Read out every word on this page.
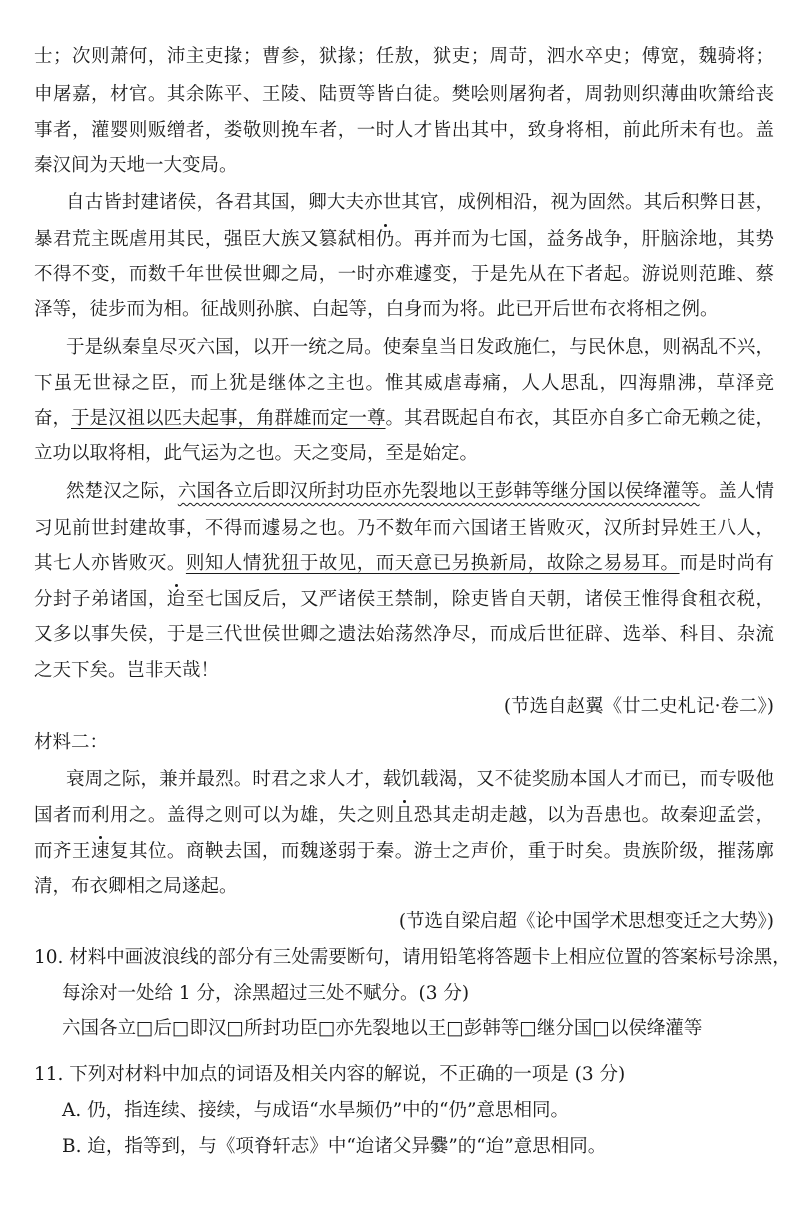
士；次则萧何，沛主吏掾；曹参，狱掾；任敖，狱吏；周苛，泗水卒史；傅宽，魏骑将；
申屠嘉，材官。其余陈平、王陵、陆贾等皆白徒。樊哙则屠狗者，周勃则织薄曲吹箫给丧
事者，灌婴则贩缯者，娄敬则挽车者，一时人才皆出其中，致身将相，前此所未有也。盖
秦汉间为天地一大变局。
自古皆封建诸侯，各君其国，卿大夫亦世其官，成例相沿，视为固然。其后积弊日甚，
暴君荒主既虐用其民，强臣大族又篡弑相仍。再并而为七国，益务战争，肝脑涂地，其势
不得不变，而数千年世侯世卿之局，一时亦难遽变，于是先从在下者起。游说则范雎、蔡
泽等，徒步而为相。征战则孙膑、白起等，白身而为将。此已开后世布衣将相之例。
于是纵秦皇尽灭六国，以开一统之局。使秦皇当日发政施仁，与民休息，则祸乱不兴，
下虽无世禄之臣，而上犹是继体之主也。惟其威虐毒痛，人人思乱，四海鼎沸，草泽竞
奋，于是汉祖以匹夫起事，角群雄而定一尊。其君既起自布衣，其臣亦自多亡命无赖之徒，
立功以取将相，此气运为之也。天之变局，至是始定。
然楚汉之际，六国各立后即汉所封功臣亦先裂地以王彭韩等继分国以侯绛灌等。盖人情
习见前世封建故事，不得而遽易之也。乃不数年而六国诸王皆败灭，汉所封异姓王八人，
其七人亦皆败灭。则知人情犹狃于故见，而天意已另换新局，故除之易易耳。而是时尚有
分封子弟诸国，迨至七国反后，又严诸侯王禁制，除吏皆自天朝，诸侯王惟得食租衣税，
又多以事失侯，于是三代世侯世卿之遗法始荡然净尽，而成后世征辟、选举、科目、杂流
之天下矣。岂非天哉！
(节选自赵翼《廿二史札记·卷二》)
材料二：
衰周之际，兼并最烈。时君之求人才，载饥载渴，又不徒奖励本国人才而已，而专吸他
国者而利用之。盖得之则可以为雄，失之则且恐其走胡走越，以为吾患也。故秦迎孟尝，
而齐王速复其位。商鞅去国，而魏遂弱于秦。游士之声价，重于时矣。贵族阶级，摧荡廓
清，布衣卿相之局遂起。
(节选自梁启超《论中国学术思想变迁之大势》)
10. 材料中画波浪线的部分有三处需要断句，请用铅笔将答题卡上相应位置的答案标号涂黑，
每涂对一处给 1 分，涂黑超过三处不赋分。(3 分)
六国各立□后□即汉□所封功臣□亦先裂地以王□彭韩等□继分国□以侯绛灌等
11. 下列对材料中加点的词语及相关内容的解说，不正确的一项是 (3 分)
A. 仍，指连续、接续，与成语“水旱频仍”中的“仍”意思相同。
B. 迨，指等到，与《项脊轩志》中“迨诸父异爨”的“迨”意思相同。
